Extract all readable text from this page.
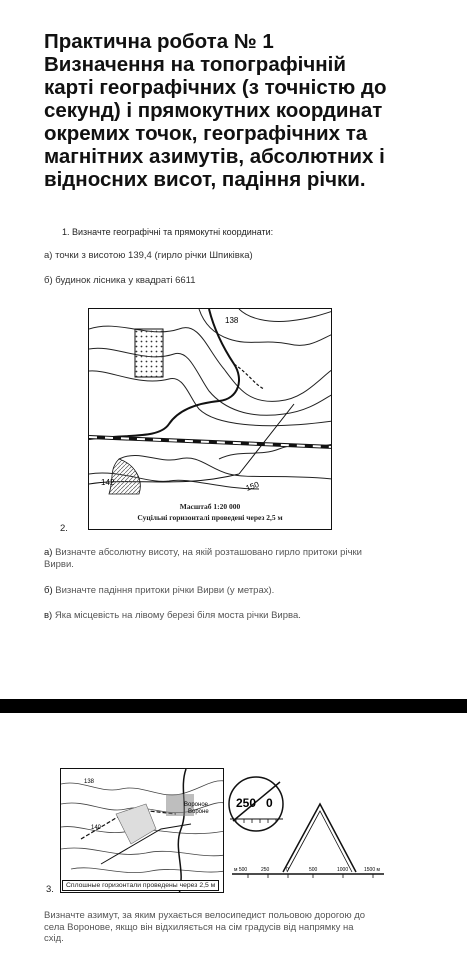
Практична робота № 1
Визначення на топографічній
карті географічних (з точністю до
секунд) і прямокутних координат
окремих точок, географічних та
магнітних азимутів, абсолютних і
відносних висот, падіння річки.
1. Визначте географічні та прямокутні координати:
а) точки з висотою 139,4 (гирло річки Шпиківка)
б) будинок лісника у квадраті 6611
138
142	150
Масштаб 1:20 000
Суцільні горизонталі проведені через 2,5 м
2.
а) Визначте абсолютну висоту, на якій розташовано гирло притоки річки
Вирви.
б) Визначте падіння притоки річки Вирви (у метрах).
в) Яка місцевість на лівому березі біля моста річки Вирва.
138
140
Вороное
Вороне
Сплошные горизонтали проведены через 2,5 м
3.
250 0
м 500	250	0	500	1000	1500 м
Визначте азимут, за яким рухається велосипедист польовою дорогою до
села Воронове, якщо він відхиляється на сім градусів від напрямку на
схід.
